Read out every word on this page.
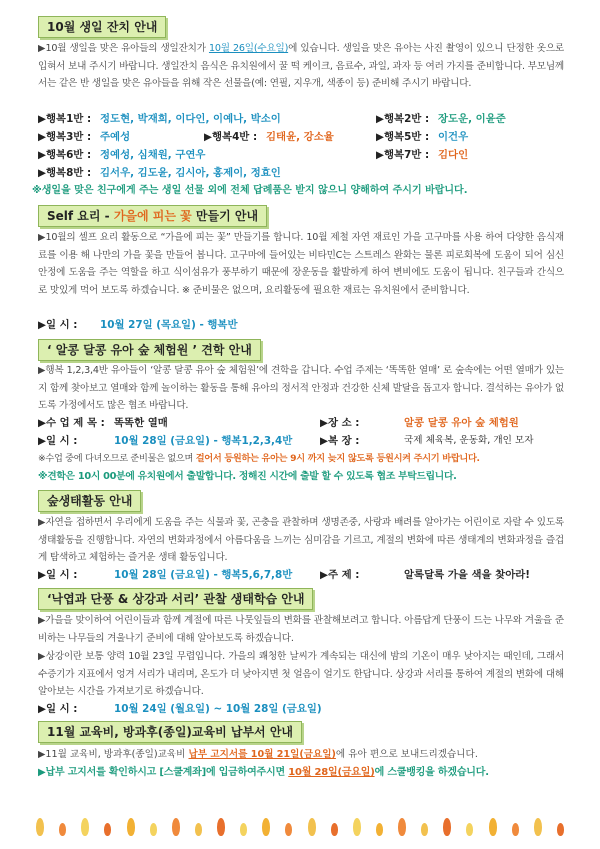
10월 생일 잔치 안내
▶10월 생일을 맞은 유아들의 생일잔치가 10월 26일(수요일)에 있습니다. 생일을 맞은 유아는 사진 촬영이 있으니 단정한 옷으로 입혀서 보내 주시기 바랍니다. 생일잔치 음식은 유치원에서 꿀 떡 케이크, 음료수, 과일, 과자 등 여러 가지를 준비합니다. 부모님께서는 같은 반 생일을 맞은 유아들을 위해 작은 선물을(예: 연필, 지우개, 색종이 등) 준비해 주시기 바랍니다.
▶행복1반 : 정도현, 박재희, 이다인, 이예나, 박소이	▶행복2반 : 장도운, 이윤준
▶행복3반 : 주예성	▶행복4반 : 김태윤, 강소율	▶행복5반 : 이건우
▶행복6반 : 정예성, 심채원, 구연우	▶행복7반 : 김다인
▶행복8반 : 김서우, 김도윤, 김시아, 홍제이, 정효인
※생일을 맞은 친구에게 주는 생일 선물 외에 전체 답례품은 받지 않으니 양해하여 주시기 바랍니다.
Self 요리 - 가을에 피는 꽃 만들기 안내
▶10월의 셀프 요리 활동으로 “가을에 피는 꽃” 만들기를 합니다. 10월 제철 자연 재료인 가을 고구마를 사용 하여 다양한 음식재료를 이용 해 나만의 가을 꽃을 만들어 봅니다. 고구마에 들어있는 비타민C는 스트레스 완화는 물론 피로회복에 도움이 되어 심신안정에 도움을 주는 역할을 하고 식이섬유가 풍부하기 때문에 장운동을 활발하게 하여 변비에도 도움이 됩니다. 친구들과 간식으로 맛있게 먹어 보도록 하겠습니다. ※ 준비물은 없으며, 요리활동에 필요한 재료는 유치원에서 준비합니다.
▶일 시 : 10월 27일 (목요일) - 행복반
‘ 알콩 달콩 유아 숲 체험원 ’ 견학 안내
▶행복 1,2,3,4반 유아들이 ‘알콩 달콩 유아 숲 체험원’에 견학을 갑니다. 수업 주제는 ‘똑똑한 열매’ 로 숲속에는 어떤 열매가 있는지 함께 찾아보고 열매와 함께 놀이하는 활동을 통해 유아의 정서적 안정과 건강한 신체 발달을 돕고자 합니다. 결석하는 유아가 없도록 가정에서도 많은 협조 바랍니다.
▶수 업 제 목 : 똑똑한 열매	▶장 소 :	알콩 달콩 유아 숲 체험원
▶일 시 :	10월 28일 (금요일) - 행복1,2,3,4반	▶복 장 :	국제 체육복, 운동화, 개인 모자
※수업 중에 다녀오므로 준비물은 없으며 걸어서 등원하는 유아는 9시 까지 늦지 않도록 등원시켜 주시기 바랍니다.
※견학은 10시 00분에 유치원에서 출발합니다. 정해진 시간에 출발 할 수 있도록 협조 부탁드립니다.
숲생태활동 안내
▶자연을 접하면서 우리에게 도움을 주는 식물과 꽃, 곤충을 관찰하며 생명존중, 사랑과 배려를 알아가는 어린이로 자랄 수 있도록 생태활동을 진행합니다. 자연의 변화과정에서 아름다움을 느끼는 심미감을 기르고, 계절의 변화에 따른 생태계의 변화과정을 즐겁게 탐색하고 체험하는 즐거운 생태 활동입니다.
▶일 시 :	10월 28일 (금요일) - 행복5,6,7,8반	▶주 제 :	알록달록 가을 색을 찾아라!
‘낙엽과 단풍 & 상강과 서리’ 관찰 생태학습 안내
▶가을을 맞이하여 어린이들과 함께 계절에 따른 나뭇잎들의 변화를 관찰해보려고 합니다. 아름답게 단풍이 드는 나무와 겨울을 준비하는 나무들의 겨울나기 준비에 대해 알아보도록 하겠습니다.
▶상강이란 보통 양력 10월 23일 무렵입니다. 가을의 쾌청한 날씨가 계속되는 대신에 밤의 기온이 매우 낮아지는 때인데, 그래서 수증기가 지표에서 엉겨 서리가 내리며, 온도가 더 낮아지면 첫 얼음이 얼기도 한답니다. 상강과 서리를 통하여 계절의 변화에 대해 알아보는 시간을 가져보기로 하겠습니다.
▶일 시 :	10월 24일 (월요일) ~ 10월 28일 (금요일)
11월 교육비, 방과후(종일)교육비 납부서 안내
▶11월 교육비, 방과후(종일)교육비 납부 고지서를 10월 21일(금요일)에 유아 편으로 보내드리겠습니다.
▶납부 고지서를 확인하시고 [스쿨계좌]에 입금하여주시면 10월 28일(금요일)에 스쿨뱅킹을 하겠습니다.
